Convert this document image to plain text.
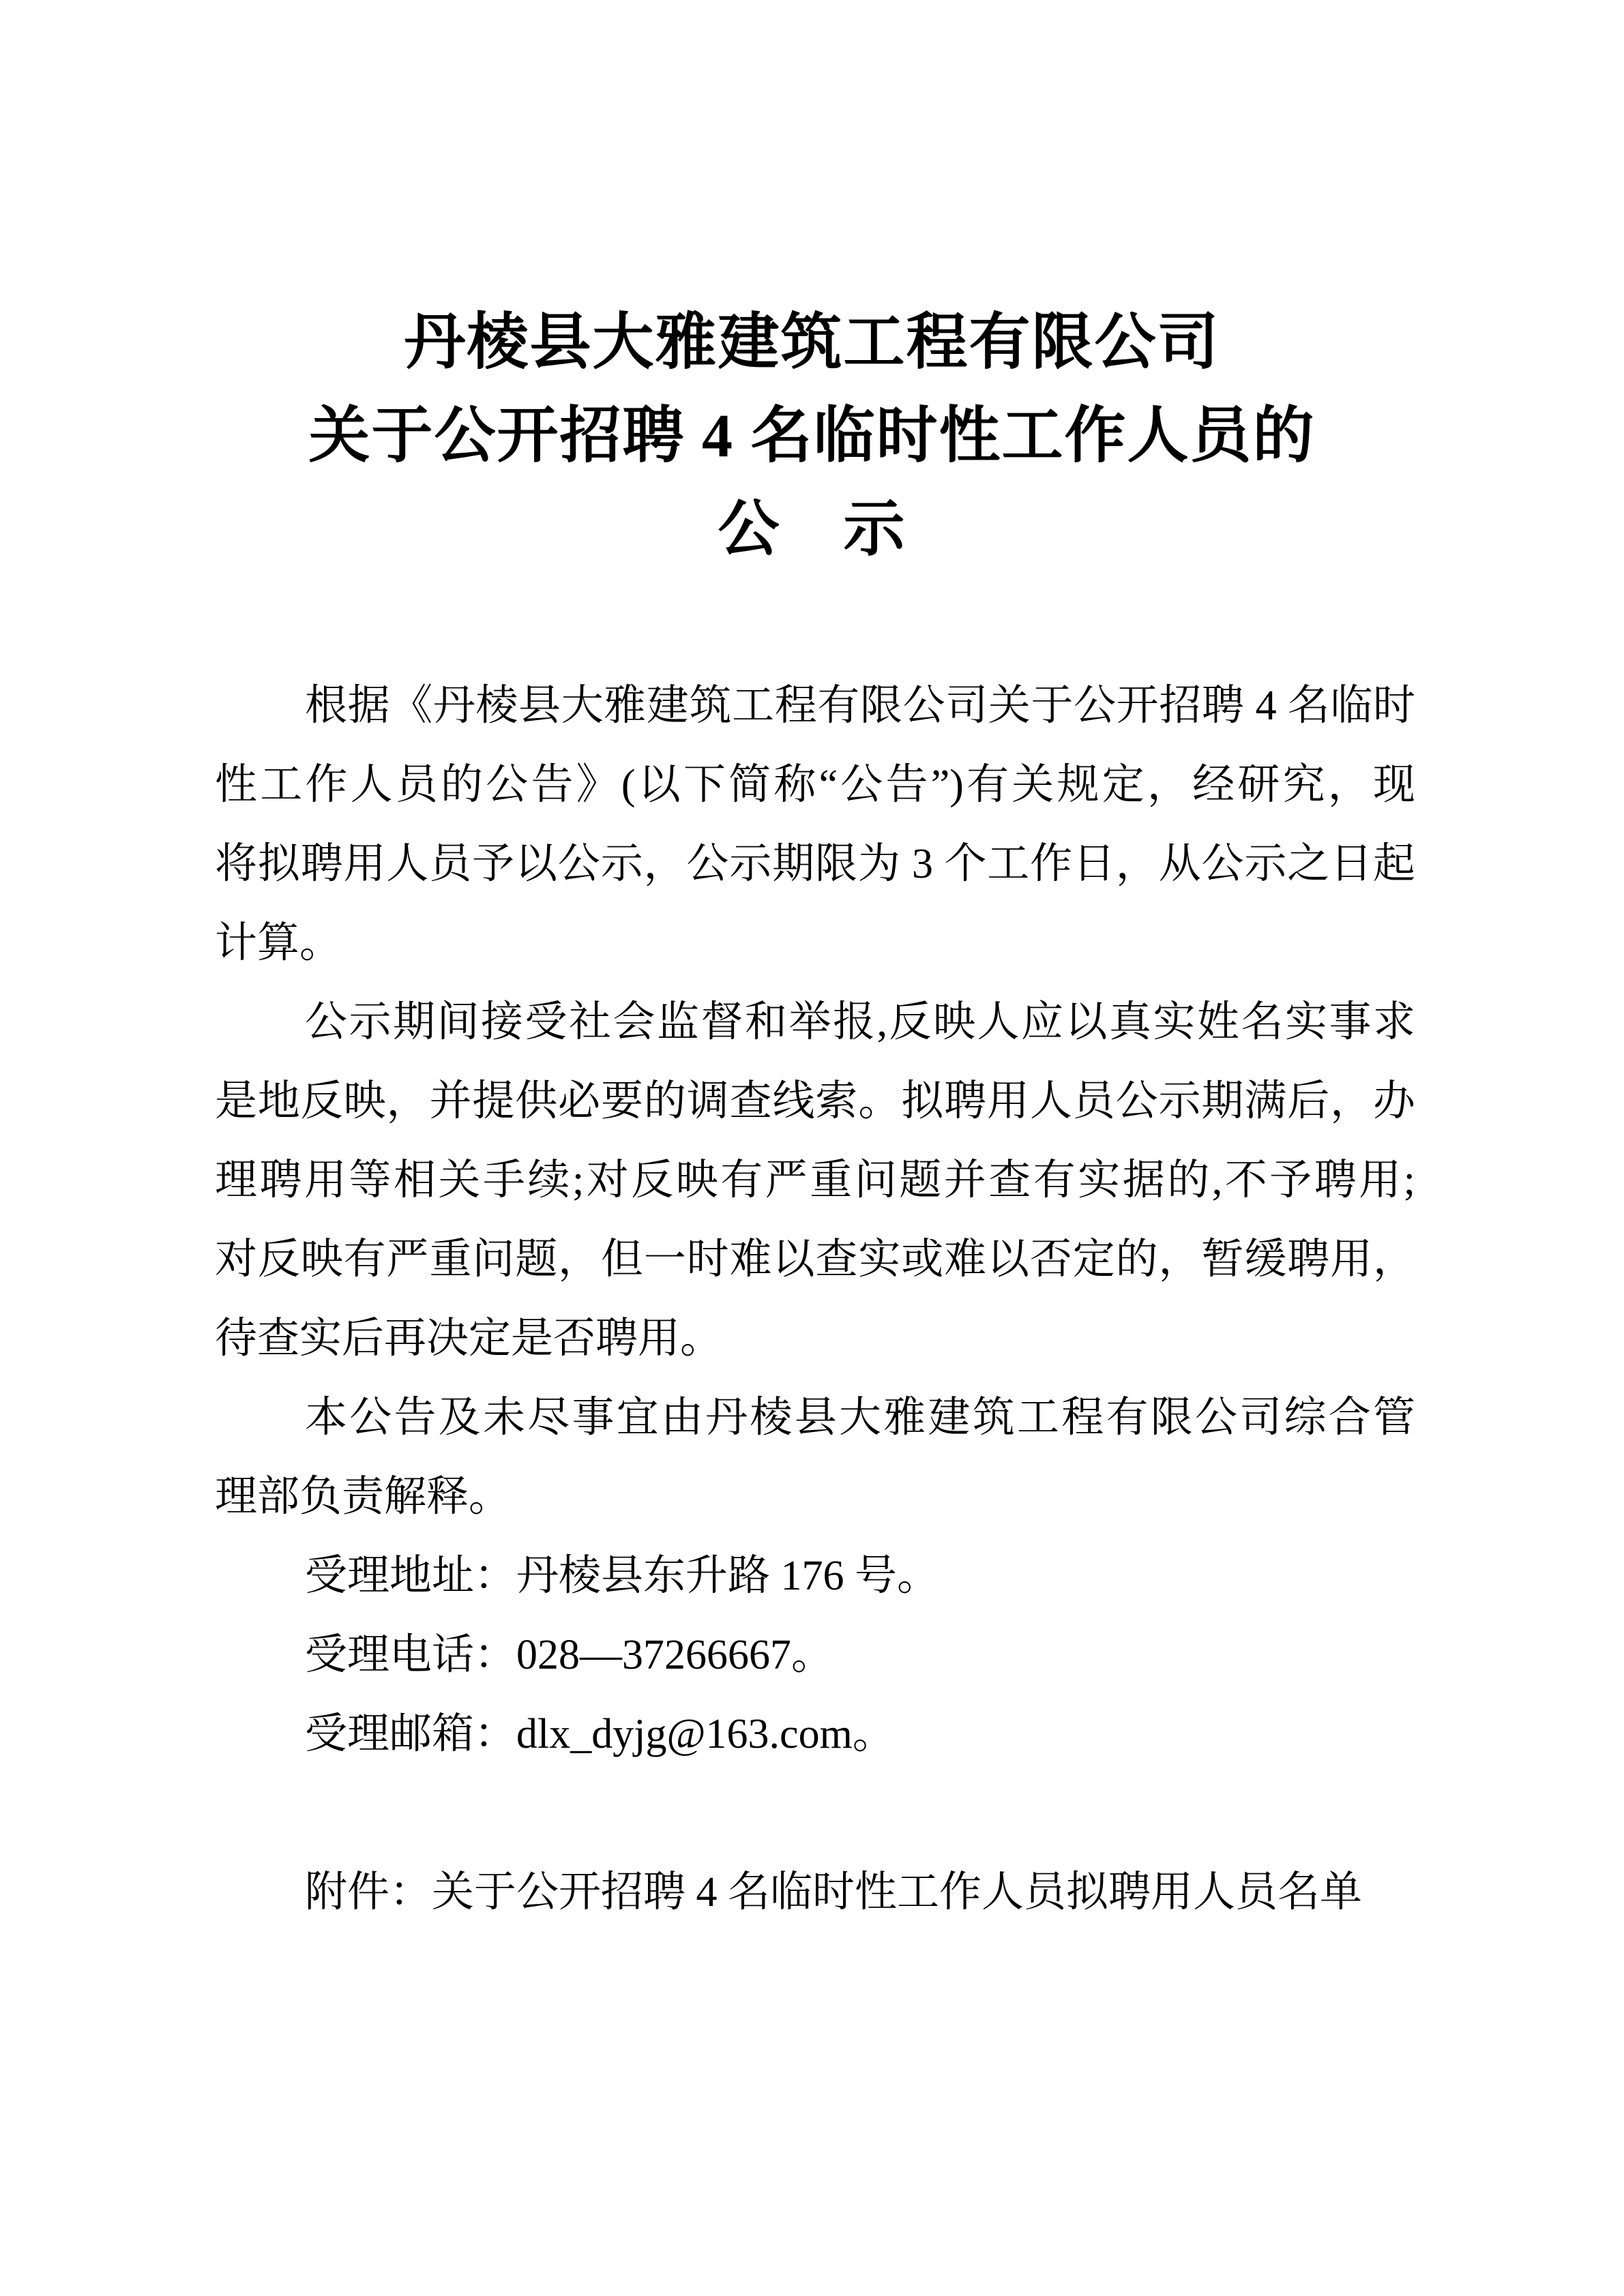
丹棱县大雅建筑工程有限公司
关于公开招聘 4 名临时性工作人员的
公　示
根据《丹棱县大雅建筑工程有限公司关于公开招聘 4 名临时
性工作人员的公告》(以下简称“公告”)有关规定，经研究，现
将拟聘用人员予以公示，公示期限为 3 个工作日，从公示之日起
计算。
公示期间接受社会监督和举报,反映人应以真实姓名实事求
是地反映，并提供必要的调查线索。拟聘用人员公示期满后，办
理聘用等相关手续;对反映有严重问题并查有实据的,不予聘用;
对反映有严重问题，但一时难以查实或难以否定的，暂缓聘用，
待查实后再决定是否聘用。
本公告及未尽事宜由丹棱县大雅建筑工程有限公司综合管
理部负责解释。
受理地址：丹棱县东升路 176 号。
受理电话：028—37266667。
受理邮箱：dlx_dyjg@163.com。
附件：关于公开招聘 4 名临时性工作人员拟聘用人员名单
